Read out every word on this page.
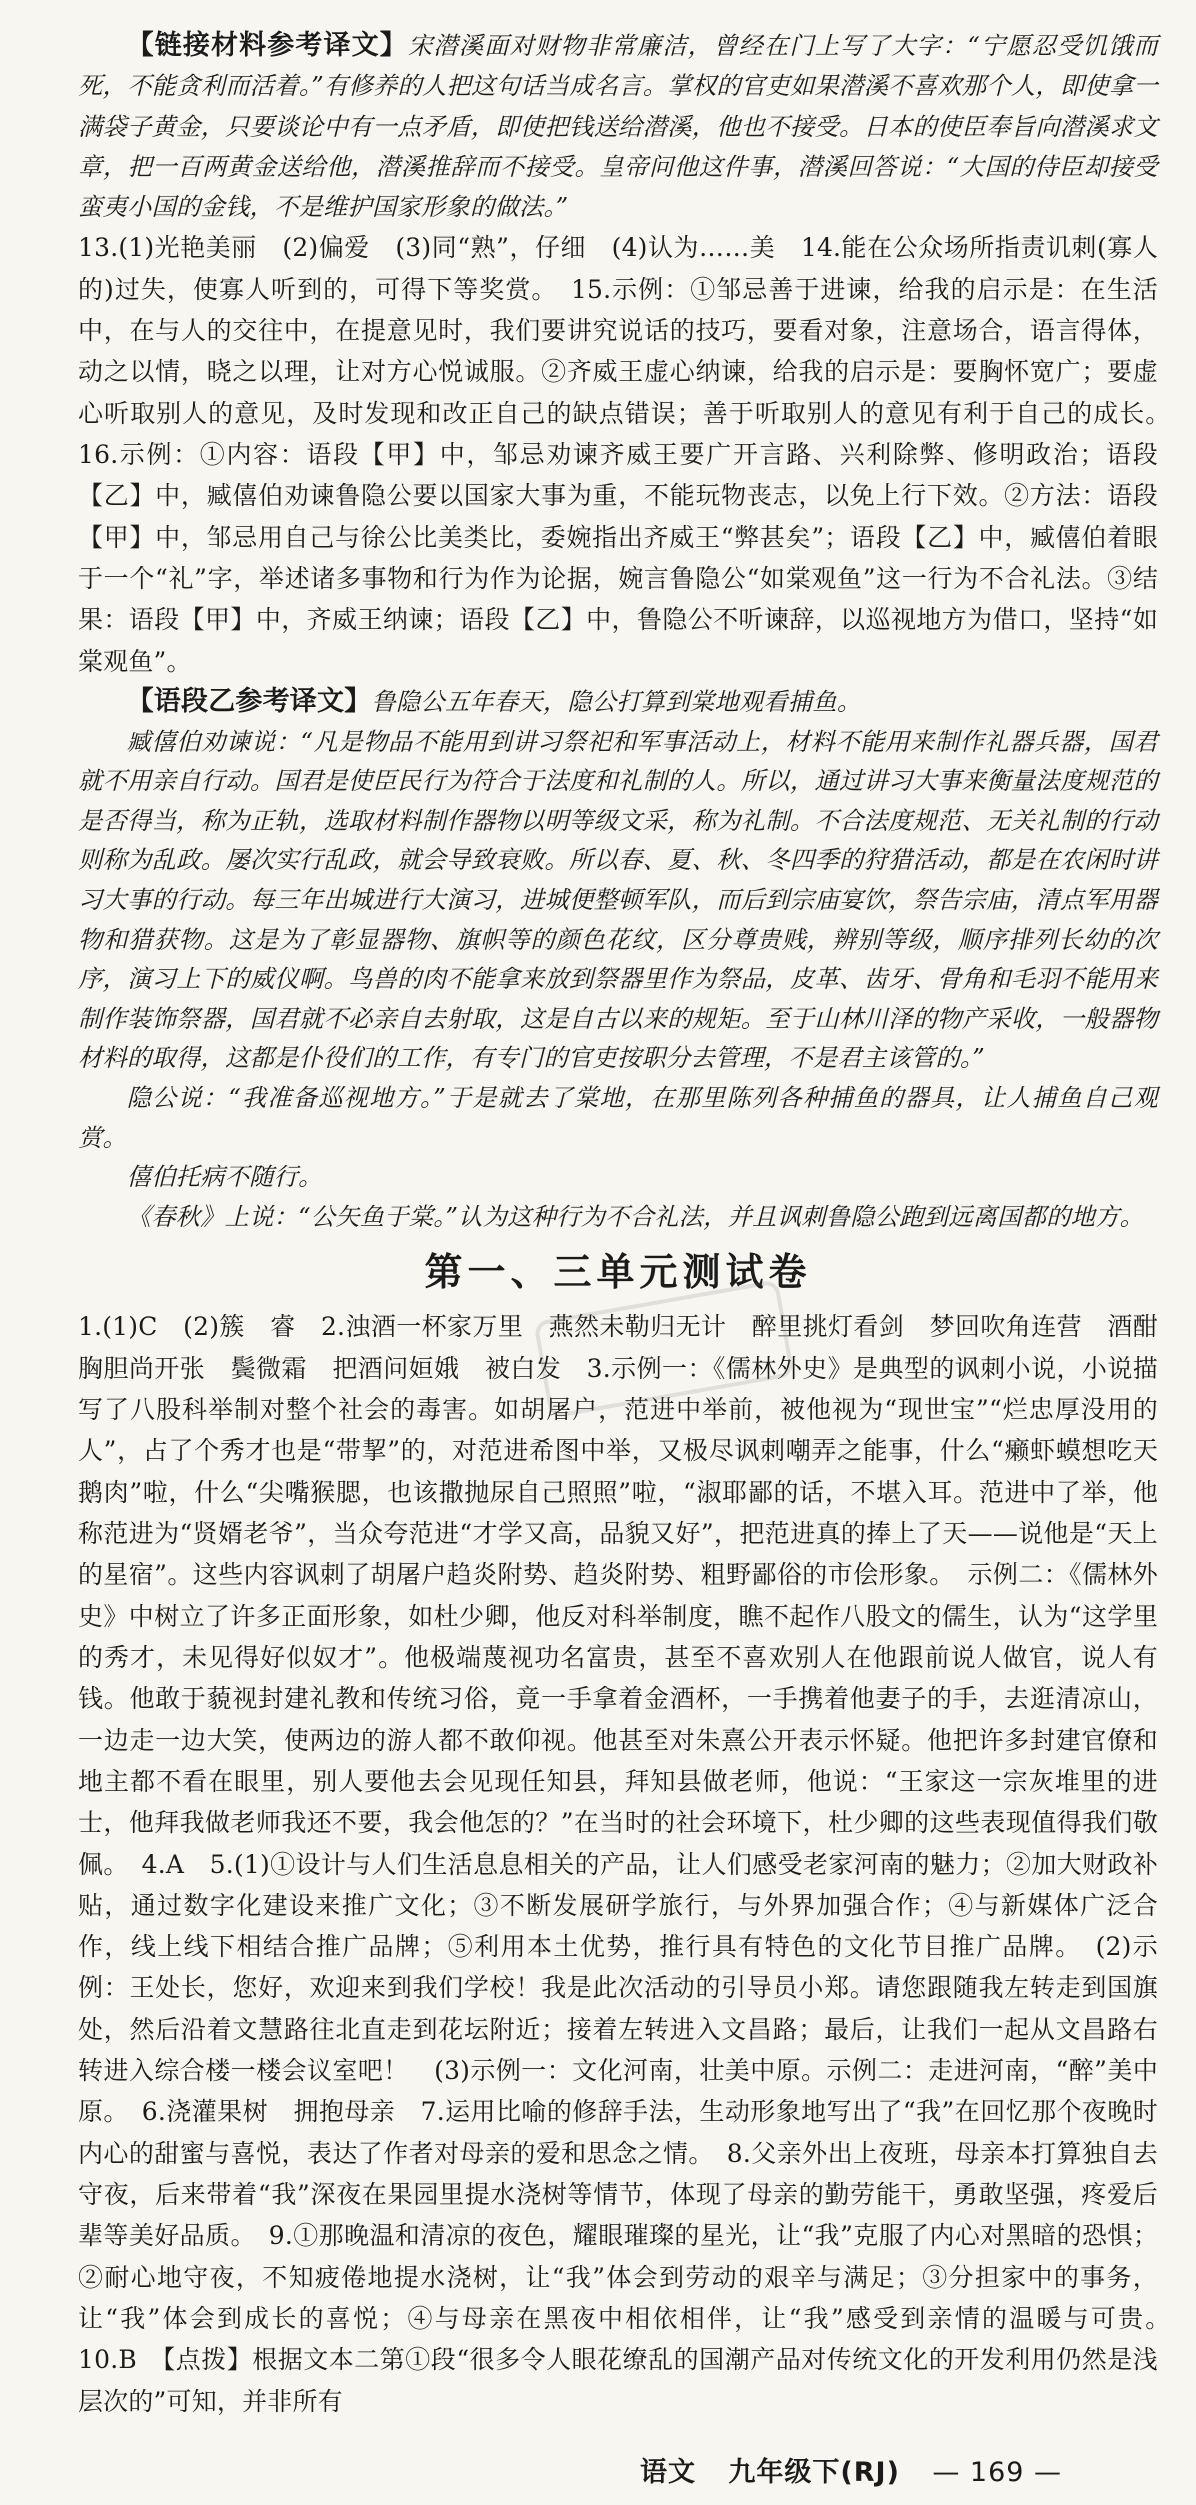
【链接材料参考译文】宋潜溪面对财物非常廉洁，曾经在门上写了大字：“宁愿忍受饥饿而死，不能贪利而活着。”有修养的人把这句话当成名言。掌权的官吏如果潜溪不喜欢那个人，即使拿一满袋子黄金，只要谈论中有一点矛盾，即使把钱送给潜溪，他也不接受。日本的使臣奉旨向潜溪求文章，把一百两黄金送给他，潜溪推辞而不接受。皇帝问他这件事，潜溪回答说：“大国的侍臣却接受蛮夷小国的金钱，不是维护国家形象的做法。”

13.(1)光艳美丽　(2)偏爱　(3)同“熟”，仔细　(4)认为……美　14.能在公众场所指责讥刺(寡人的)过失，使寡人听到的，可得下等奖赏。　15.示例：①邹忌善于进谏，给我的启示是：在生活中，在与人的交往中，在提意见时，我们要讲究说话的技巧，要看对象，注意场合，语言得体，动之以情，晓之以理，让对方心悦诚服。②齐威王虚心纳谏，给我的启示是：要胸怀宽广；要虚心听取别人的意见，及时发现和改正自己的缺点错误；善于听取别人的意见有利于自己的成长。　16.示例：①内容：语段【甲】中，邹忌劝谏齐威王要广开言路、兴利除弊、修明政治；语段【乙】中，臧僖伯劝谏鲁隐公要以国家大事为重，不能玩物丧志，以免上行下效。②方法：语段【甲】中，邹忌用自己与徐公比美类比，委婉指出齐威王“弊甚矣”；语段【乙】中，臧僖伯着眼于一个“礼”字，举述诸多事物和行为作为论据，婉言鲁隐公“如棠观鱼”这一行为不合礼法。③结果：语段【甲】中，齐威王纳谏；语段【乙】中，鲁隐公不听谏辞，以巡视地方为借口，坚持“如棠观鱼”。

【语段乙参考译文】鲁隐公五年春天，隐公打算到棠地观看捕鱼。

臧僖伯劝谏说：“凡是物品不能用到讲习祭祀和军事活动上，材料不能用来制作礼器兵器，国君就不用亲自行动。国君是使臣民行为符合于法度和礼制的人。所以，通过讲习大事来衡量法度规范的是否得当，称为正轨，选取材料制作器物以明等级文采，称为礼制。不合法度规范、无关礼制的行动则称为乱政。屡次实行乱政，就会导致衰败。所以春、夏、秋、冬四季的狩猎活动，都是在农闲时讲习大事的行动。每三年出城进行大演习，进城便整顿军队，而后到宗庙宴饮，祭告宗庙，清点军用器物和猎获物。这是为了彰显器物、旗帜等的颜色花纹，区分尊贵贱，辨别等级，顺序排列长幼的次序，演习上下的威仪啊。鸟兽的肉不能拿来放到祭器里作为祭品，皮革、齿牙、骨角和毛羽不能用来制作装饰祭器，国君就不必亲自去射取，这是自古以来的规矩。至于山林川泽的物产采收，一般器物材料的取得，这都是仆役们的工作，有专门的官吏按职分去管理，不是君主该管的。”

隐公说：“我准备巡视地方。”于是就去了棠地，在那里陈列各种捕鱼的器具，让人捕鱼自己观赏。

僖伯托病不随行。

《春秋》上说：“公矢鱼于棠。”认为这种行为不合礼法，并且讽刺鲁隐公跑到远离国都的地方。

第一、三单元测试卷

1.(1)C　(2)簇　睿　2.浊酒一杯家万里　燕然未勒归无计　醉里挑灯看剑　梦回吹角连营　酒酣胸胆尚开张　鬓微霜　把酒问姮娥　被白发　3.示例一：《儒林外史》是典型的讽刺小说，小说描写了八股科举制对整个社会的毒害。如胡屠户，范进中举前，被他视为“现世宝”“烂忠厚没用的人”，占了个秀才也是“带挈”的，对范进希图中举，又极尽讽刺嘲弄之能事，什么“癞虾蟆想吃天鹅肉”啦，什么“尖嘴猴腮，也该撒抛尿自己照照”啦，“淑耶鄙的话，不堪入耳。范进中了举，他称范进为“贤婿老爷”，当众夸范进“才学又高，品貌又好”，把范进真的捧上了天——说他是“天上的星宿”。这些内容讽刺了胡屠户趋炎附势、趋炎附势、粗野鄙俗的市侩形象。　示例二：《儒林外史》中树立了许多正面形象，如杜少卿，他反对科举制度，瞧不起作八股文的儒生，认为“这学里的秀才，未见得好似奴才”。他极端蔑视功名富贵，甚至不喜欢别人在他跟前说人做官，说人有钱。他敢于藐视封建礼教和传统习俗，竟一手拿着金酒杯，一手携着他妻子的手，去逛清凉山，一边走一边大笑，使两边的游人都不敢仰视。他甚至对朱熹公开表示怀疑。他把许多封建官僚和地主都不看在眼里，别人要他去会见现任知县，拜知县做老师，他说：“王家这一宗灰堆里的进士，他拜我做老师我还不要，我会他怎的？”在当时的社会环境下，杜少卿的这些表现值得我们敬佩。　4.A　5.(1)①设计与人们生活息息相关的产品，让人们感受老家河南的魅力；②加大财政补贴，通过数字化建设来推广文化；③不断发展研学旅行，与外界加强合作；④与新媒体广泛合作，线上线下相结合推广品牌；⑤利用本土优势，推行具有特色的文化节目推广品牌。　(2)示例：王处长，您好，欢迎来到我们学校！我是此次活动的引导员小郑。请您跟随我左转走到国旗处，然后沿着文慧路往北直走到花坛附近；接着左转进入文昌路；最后，让我们一起从文昌路右转进入综合楼一楼会议室吧！　(3)示例一：文化河南，壮美中原。示例二：走进河南，“醉”美中原。　6.浇灌果树　拥抱母亲　7.运用比喻的修辞手法，生动形象地写出了“我”在回忆那个夜晚时内心的甜蜜与喜悦，表达了作者对母亲的爱和思念之情。　8.父亲外出上夜班，母亲本打算独自去守夜，后来带着“我”深夜在果园里提水浇树等情节，体现了母亲的勤劳能干，勇敢坚强，疼爱后辈等美好品质。　9.①那晚温和清凉的夜色，耀眼璀璨的星光，让“我”克服了内心对黑暗的恐惧；②耐心地守夜，不知疲倦地提水浇树，让“我”体会到劳动的艰辛与满足；③分担家中的事务，让“我”体会到成长的喜悦；④与母亲在黑夜中相依相伴，让“我”感受到亲情的温暖与可贵。　10.B　【点拨】根据文本二第①段“很多令人眼花缭乱的国潮产品对传统文化的开发利用仍然是浅层次的”可知，并非所有

语文 九年级下(RJ) — 169 —
